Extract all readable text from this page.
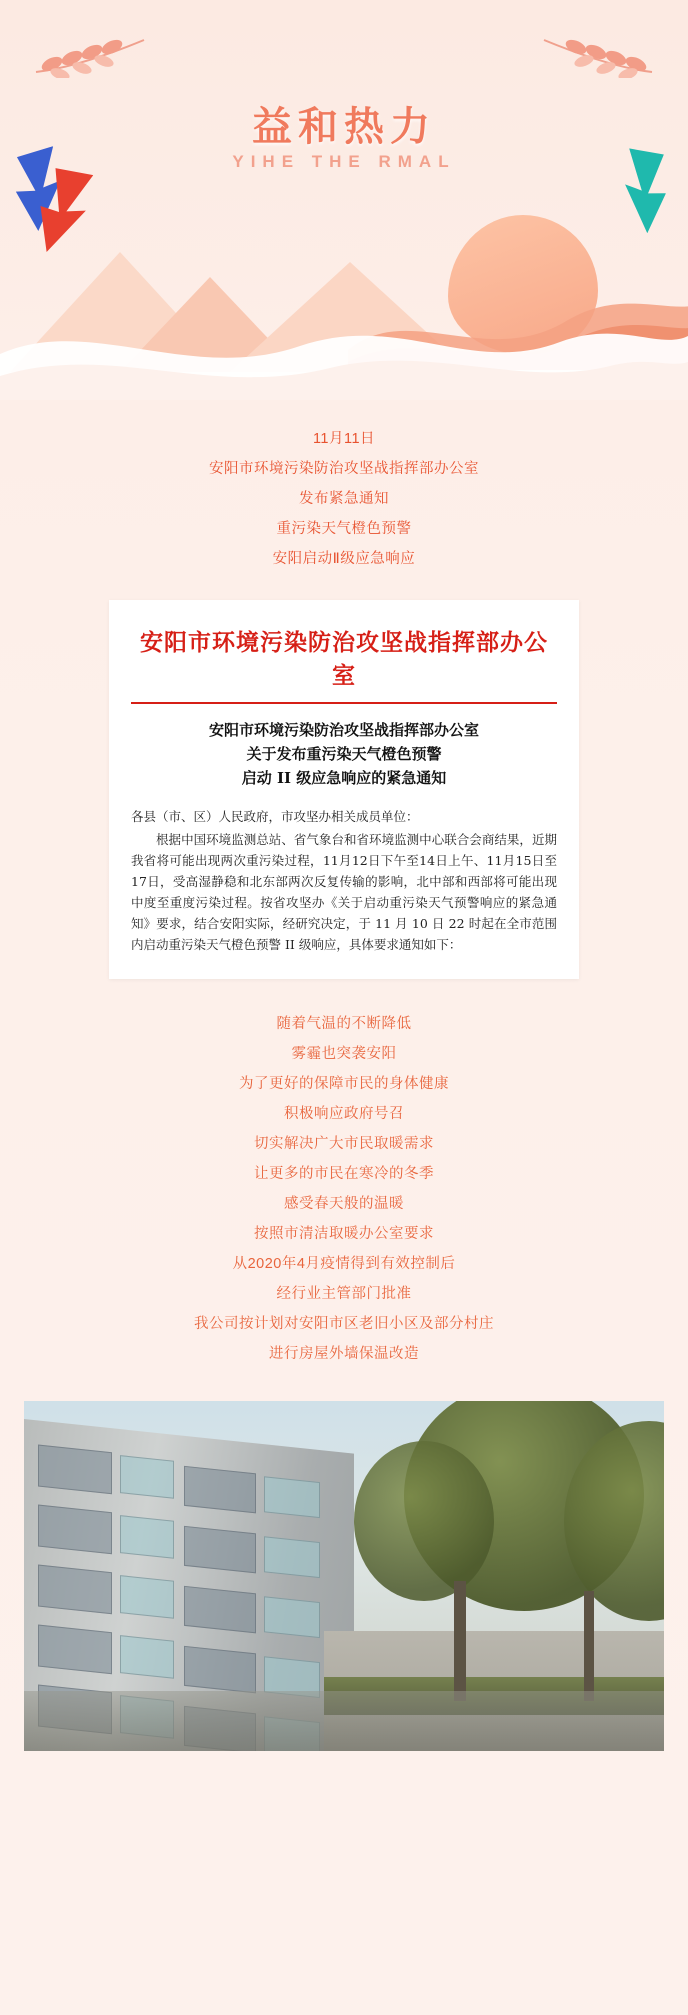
益和热力
YIHE THE RMAL
11月11日
安阳市环境污染防治攻坚战指挥部办公室
发布紧急通知
重污染天气橙色预警
安阳启动Ⅱ级应急响应
安阳市环境污染防治攻坚战指挥部办公室
安阳市环境污染防治攻坚战指挥部办公室
关于发布重污染天气橙色预警
启动 II 级应急响应的紧急通知

各县（市、区）人民政府，市攻坚办相关成员单位：

根据中国环境监测总站、省气象台和省环境监测中心联合会商结果，近期我省将可能出现两次重污染过程，11月12日下午至14日上午、11月15日至17日，受高湿静稳和北东部两次反复传输的影响，北中部和西部将可能出现中度至重度污染过程。按省攻坚办《关于启动重污染天气预警响应的紧急通知》要求，结合安阳实际，经研究决定，于 11 月 10 日 22 时起在全市范围内启动重污染天气橙色预警 II 级响应，具体要求通知如下：

随着气温的不断降低
雾霾也突袭安阳
为了更好的保障市民的身体健康
积极响应政府号召
切实解决广大市民取暖需求
让更多的市民在寒冷的冬季
感受春天般的温暖
按照市清洁取暖办公室要求
从2020年4月疫情得到有效控制后
经行业主管部门批准
我公司按计划对安阳市区老旧小区及部分村庄
进行房屋外墙保温改造
